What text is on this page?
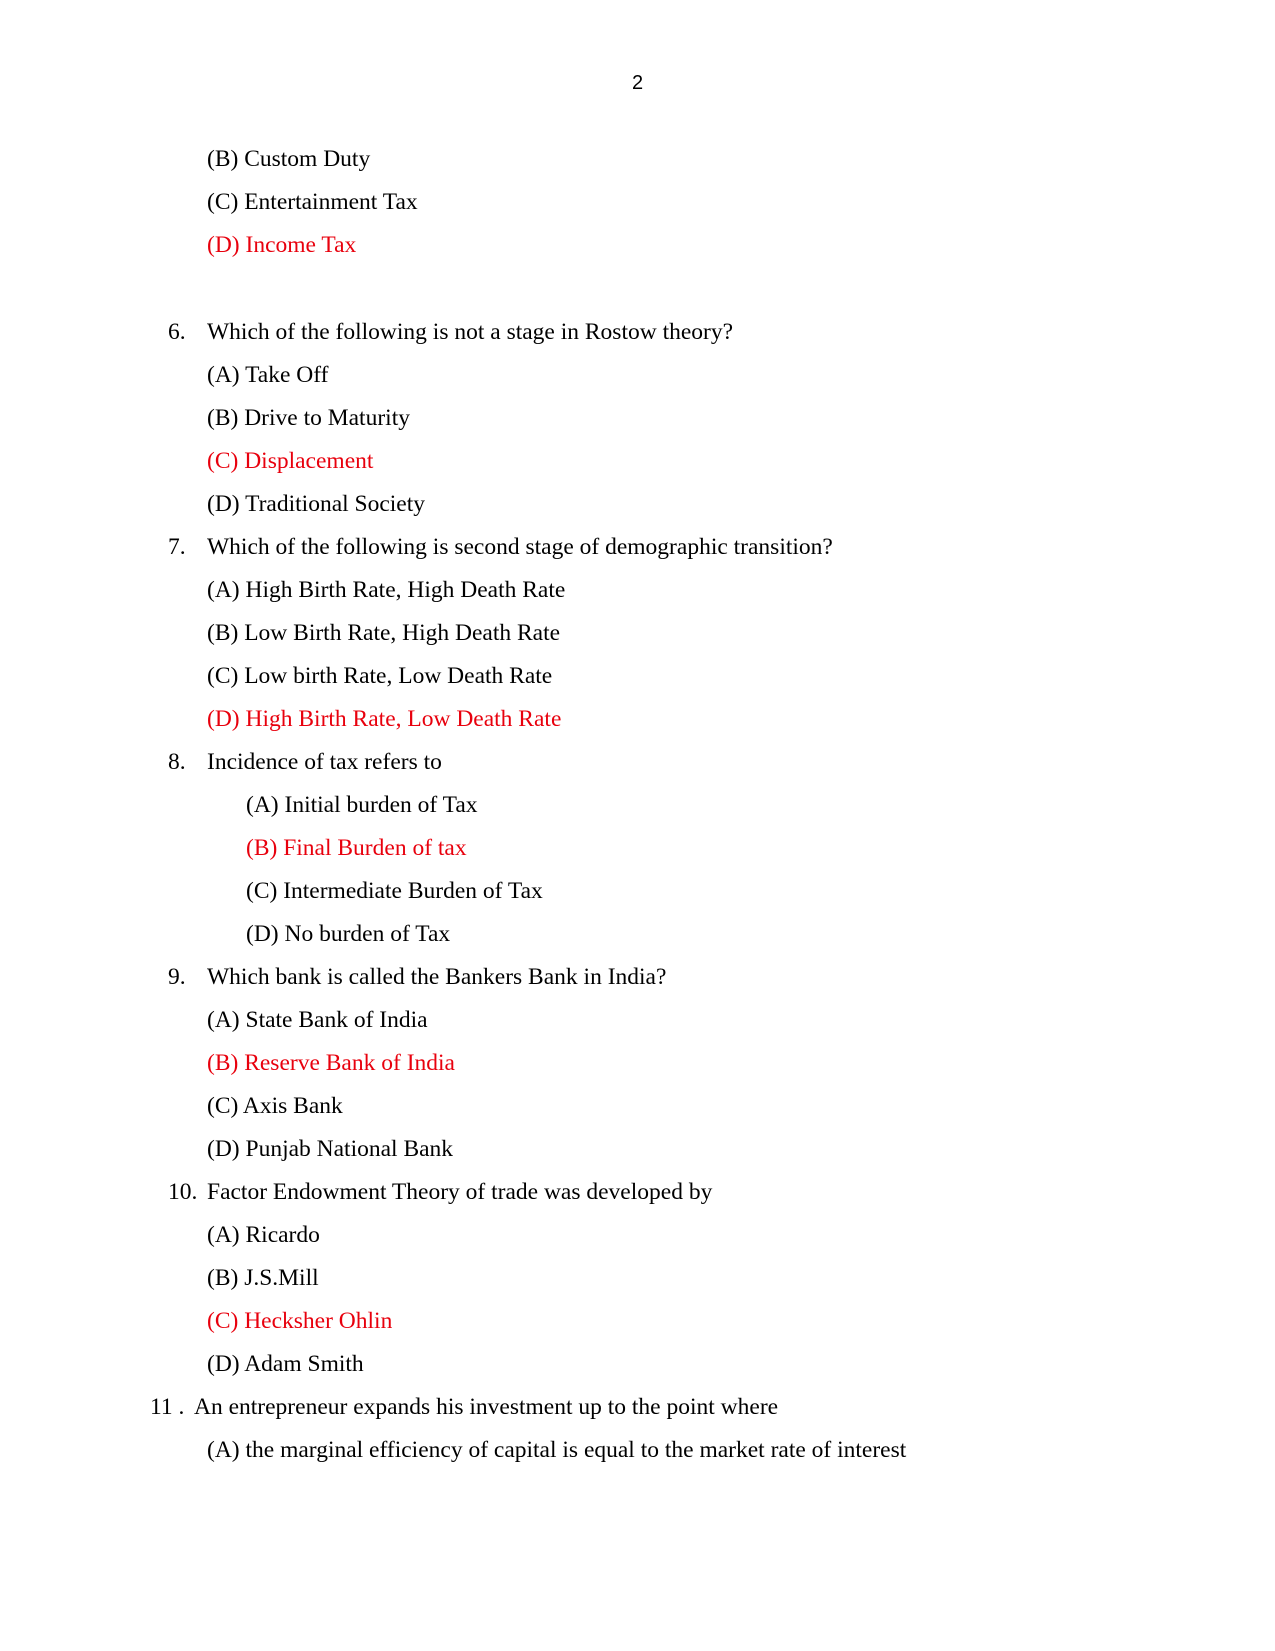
2
(B) Custom Duty
(C) Entertainment Tax
(D) Income Tax
6. Which of the following is not a stage in Rostow theory?
(A) Take Off
(B) Drive to Maturity
(C) Displacement
(D) Traditional Society
7. Which of the following is second stage of demographic transition?
(A) High Birth Rate, High Death Rate
(B) Low Birth Rate, High Death Rate
(C) Low birth Rate, Low Death Rate
(D) High Birth Rate, Low Death Rate
8. Incidence of tax refers to
(A) Initial burden of Tax
(B) Final Burden of tax
(C) Intermediate Burden of Tax
(D) No burden of Tax
9. Which bank is called the Bankers Bank in India?
(A) State Bank of India
(B) Reserve Bank of India
(C) Axis Bank
(D) Punjab National Bank
10. Factor Endowment Theory of trade was developed by
(A) Ricardo
(B) J.S.Mill
(C) Hecksher Ohlin
(D) Adam Smith
11 . An entrepreneur expands his investment up to the point where
(A) the marginal efficiency of capital is equal to the market rate of interest
